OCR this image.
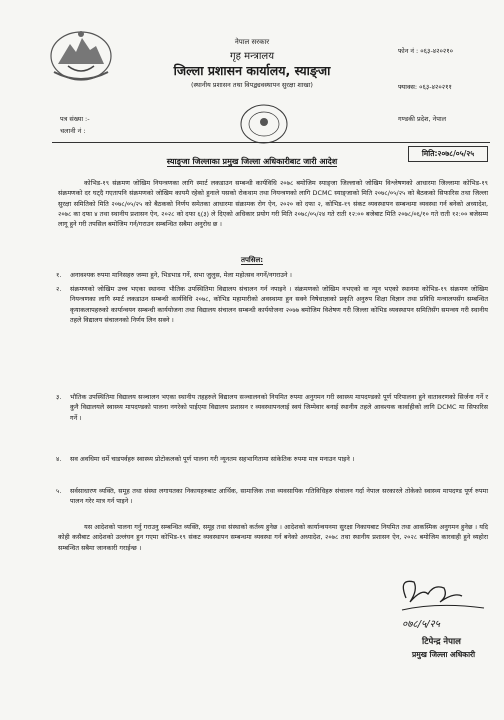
नेपाल सरकार
गृह मन्त्रालय
जिल्ला प्रशासन कार्यालय, स्याङ्जा
(स्थानीय प्रशासन तथा विपद्व्यवस्थापन सुरक्षा शाखा)
फोन नं : ०६३-४२०२१०
फ्याक्स: ०६३-४२०२११
गण्डकी प्रदेश, नेपाल
पत्र संख्या :-
चलानी नं :
मिति:२०७८/०५/२५
स्याङ्जा जिल्लाका प्रमुख जिल्ला अधिकारीबाट जारी आदेश
कोभिड-१९ संक्रमण जोखिम नियन्त्रणका लागि स्मार्ट लकडाउन सम्बन्धी कार्यविधि २०७८ बमोजिम स्याङ्जा जिल्लाको जोखिम विश्लेषणको आधारमा जिल्लामा कोभिड-१९ संक्रमणको दर घट्दै गएतापनि संक्रमणको जोखिम कायमै रहेको हुनाले यसको रोकथाम तथा नियन्त्रणको लागि DCMC स्याङ्जाको मिति २०७८/०५/२५ को बैठकको सिफारिस तथा जिल्ला सुरक्षा समितिको मिति २०७८/०५/२५ को बैठकको निर्णय समेतका आधारमा संक्रामक रोग ऐन, २०२० को दफा २, कोभिड-१९ संकट व्यवस्थापन सम्बन्धमा व्यवस्था गर्न बनेको अध्यादेश, २०७८ का दफा ४ तथा स्थानीय प्रशासन ऐन, २०२८ को दफा ६(३) ले दिएको अधिकार प्रयोग गरी मिति २०७८/०५/२४ गते राती १२:०० बजेबाट मिति २०७८/०६/१० गते राती १२:०० बजेसम्म लागू हुने गरी तपसिल बमोजिम गर्न/गराउन सम्बन्धित सबैमा अनुरोध छ ।
तपसिल:
१. अनावश्यक रुपमा मानिसहरु जम्मा हुने, भिडभाड गर्ने, सभा जुलुस, मेला महोत्सव नगर्ने/नगराउने ।
२. संक्रमणको जोखिम उच्च भएका स्थानमा भौतिक उपस्थितिमा विद्यालय संचालन गर्न नपाइने । संक्रमणको जोखिम नभएको वा न्यून भएको स्थानमा कोभिड-१९ संक्रमण जोखिम नियन्त्रणका लागि स्मार्ट लकडाउन सम्बन्धी कार्यविधि २०७८, कोभिड महामारीको अवस्थामा हुन सक्ने निषेधाज्ञाको प्रकृति अनुरुप शिक्षा विज्ञान तथा प्रविधि मन्त्रालयसँग सम्बन्धित कृयाकलापहरुको कार्यान्वयन सम्बन्धी कार्ययोजना तथा विद्यालय संचालन सम्बन्धी कार्ययोजना २०७७ बमोजिम विशेषण गरी जिल्ला कोभिड व्यवस्थापन समितिसँग समन्वय गरी स्थानीय तहले विद्यालय संचालनको निर्णय लिन सक्ने ।
३. भौतिक उपस्थितिमा विद्यालय सञ्चालन भएका स्थानीय तहहरुले विद्यालय सञ्चालनको नियमित रुपमा अनुगमन गरी स्वास्थ्य मापदण्डको पूर्ण परिपालना हुने वातावरणको सिर्जना गर्ने र कुनै विद्यालयले स्वास्थ्य मापदण्डको पालना नगरेको पाईएमा विद्यालय प्रशासन र व्यवस्थापनलाई स्वयं जिम्मेवार बनाई स्थानीय तहले आवश्यक कार्वाहीको लागि DCMC मा सिफारिस गर्ने ।
४. सव अवधिमा धर्मे चाडपर्वहरु स्वास्थ्य प्रोटोकलको पूर्ण पालना गरी न्यूनतम सहभागितामा सांकेतिक रुपमा मात्र मनाउन पाइने ।
५. सर्वसाधारण व्यक्ति, समूह तथा संस्था लगायतका निकायहरुबाट आर्थिक, सामाजिक तथा व्यवसायिक गतिविधिहरु संचालन गर्दा नेपाल सरकारले तोकेको स्वास्थ्य मापदण्ड पूर्ण रुपमा पालन गरेर मात्र गर्न पाइने ।
यस आदेशको पालना गर्नु गराउनु सम्बन्धित व्यक्ति, समूह तथा संस्थाको कर्तव्य हुनेछ । आदेशको कार्यान्वयनमा सुरक्षा निकायबाट नियमित तथा आकस्मिक अनुगमन हुनेछ । यदि कोही कसैबाट आदेशको उल्लंघन हुन गएमा कोभिड-१९ संकट व्यवस्थापन सम्बन्धमा व्यवस्था गर्न बनेको अध्यादेश, २०७८ तथा स्थानीय प्रशासन ऐन, २०२८ बमोजिम कारवाही हुने व्यहोरा सम्बन्धित सबैमा जानकारी गराईन्छ ।
०७८/५/२५
टिपेन्द्र नेपाल
प्रमुख जिल्ला अधिकारी
